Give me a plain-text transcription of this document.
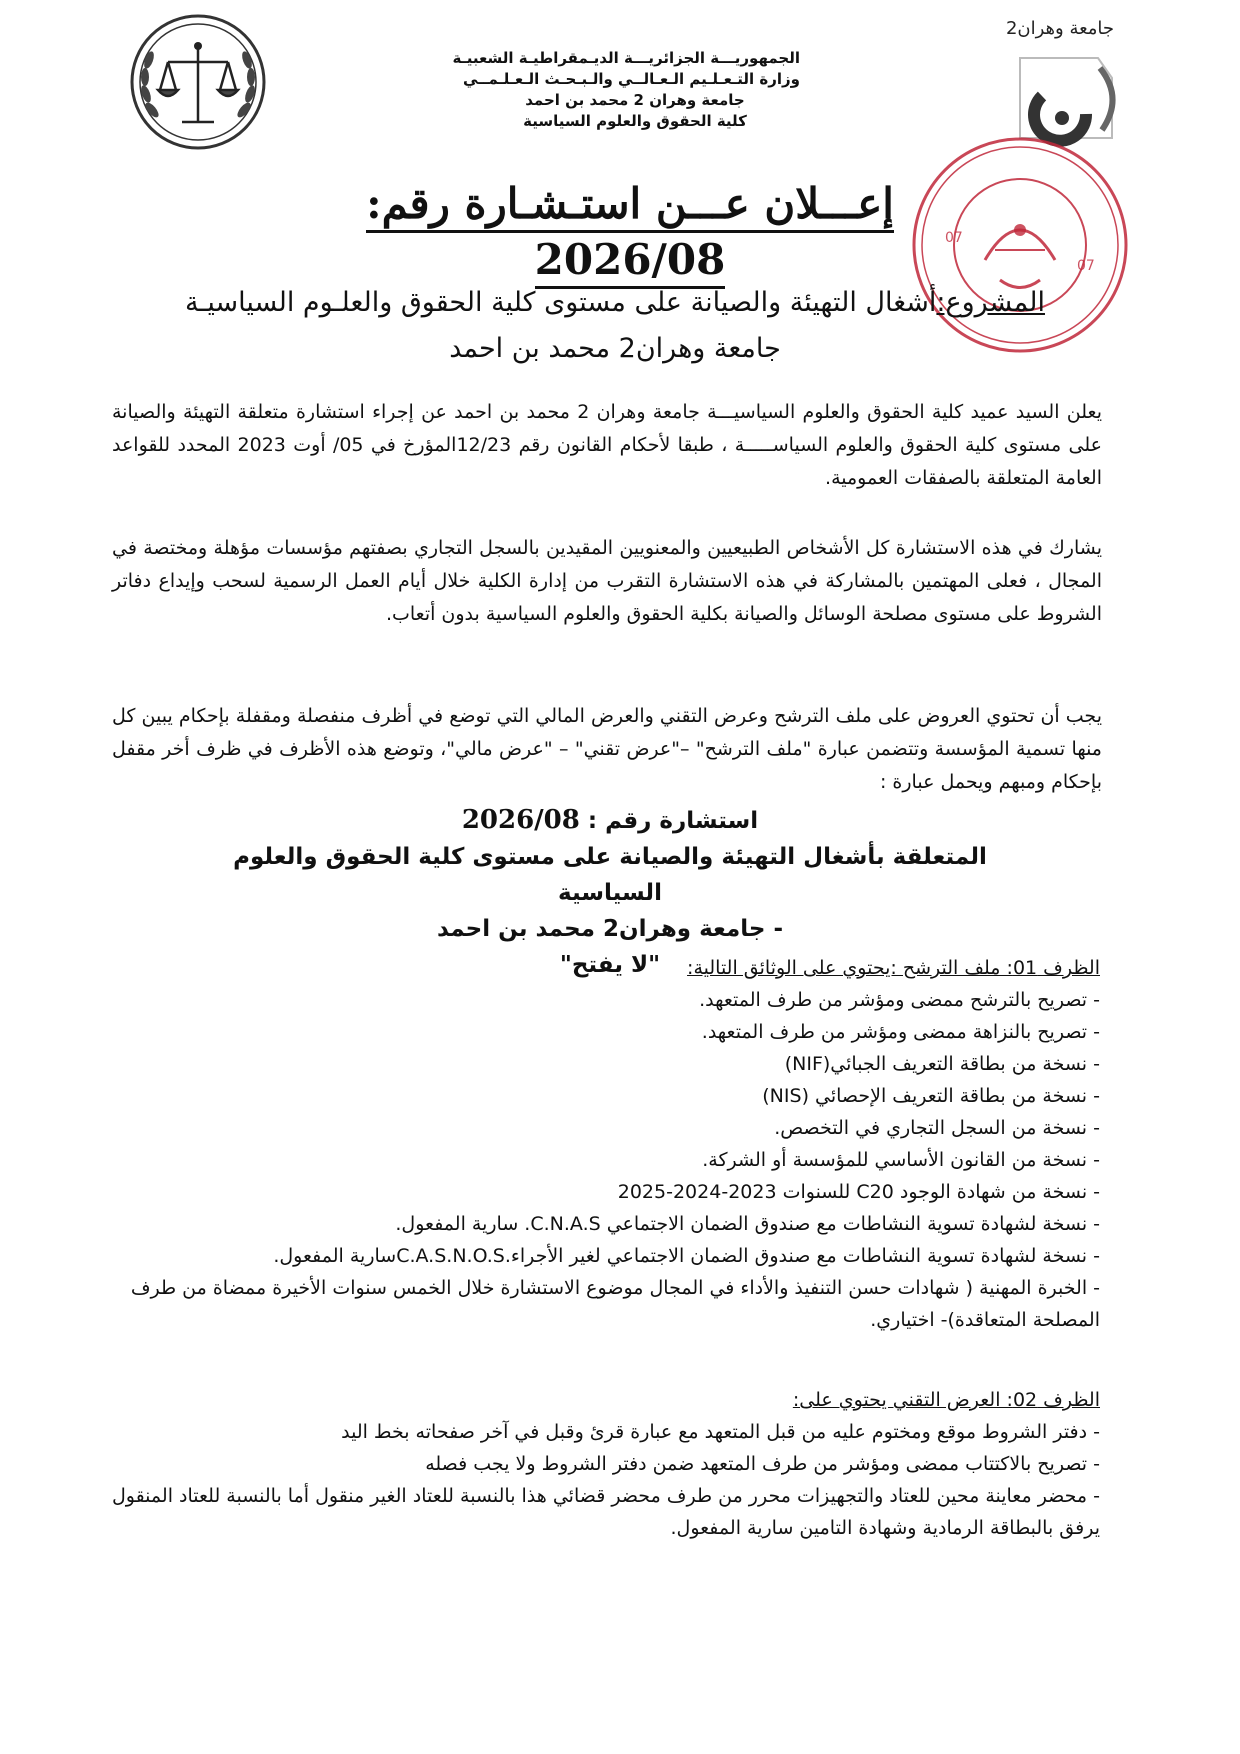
الجمهوريـــة الجزائريـــة الديـمقراطيـة الشعبيـة
وزارة التـعـلـيم الـعـالــي والـبـحـث الـعـلـمــي
جامعة وهران 2 محمد بن احمد
كلية الحقوق والعلوم السياسية
جامعة وهران2
07
07
إعـــلان عـــن استـشـارة رقم: 2026/08
المشروع:أشغال التهيئة والصيانة على مستوى كلية الحقوق والعلـوم السياسيـة
جامعة وهران2 محمد بن احمد
يعلن السيد عميد كلية الحقوق والعلوم السياسيـــة جامعة وهران 2 محمد بن احمد عن إجراء استشارة متعلقة التهيئة والصيانة على مستوى كلية الحقوق والعلوم السياســـــة ، طبقا لأحكام القانون رقم 12/23المؤرخ في 05/ أوت 2023 المحدد للقواعد العامة المتعلقة بالصفقات العمومية.
يشارك في هذه الاستشارة كل الأشخاص الطبيعيين والمعنويين المقيدين بالسجل التجاري بصفتهم مؤسسات مؤهلة ومختصة في المجال ، فعلى المهتمين بالمشاركة في هذه الاستشارة التقرب من إدارة الكلية خلال أيام العمل الرسمية لسحب وإيداع دفاتر الشروط على مستوى مصلحة الوسائل والصيانة بكلية الحقوق والعلوم السياسية بدون أتعاب.
يجب أن تحتوي العروض على ملف الترشح وعرض التقني والعرض المالي التي توضع في أظرف منفصلة ومقفلة بإحكام يبين كل منها تسمية المؤسسة وتتضمن عبارة "ملف الترشح" –"عرض تقني" – "عرض مالي"، وتوضع هذه الأظرف في ظرف أخر مقفل بإحكام ومبهم ويحمل عبارة :
استشارة رقم : 2026/08
المتعلقة بأشغال التهيئة والصيانة على مستوى كلية الحقوق والعلوم السياسية
- جامعة وهران2 محمد بن احمد
"لا يفتح"	الظرف 01: ملف الترشح :يحتوي على الوثائق التالية:
- تصريح بالترشح ممضى ومؤشر من طرف المتعهد.
- تصريح بالنزاهة ممضى ومؤشر من طرف المتعهد.
- نسخة من بطاقة التعريف الجبائي(NIF)
- نسخة من بطاقة التعريف الإحصائي (NIS)
- نسخة من السجل التجاري في التخصص.
- نسخة من القانون الأساسي للمؤسسة أو الشركة.
- نسخة من شهادة الوجود C20 للسنوات 2023-2024-2025
- نسخة لشهادة تسوية النشاطات مع صندوق الضمان الاجتماعي C.N.A.S. سارية المفعول.
- نسخة لشهادة تسوية النشاطات مع صندوق الضمان الاجتماعي لغير الأجراء.C.A.S.N.O.Sسارية المفعول.
- الخبرة المهنية ( شهادات حسن التنفيذ والأداء في المجال موضوع الاستشارة خلال الخمس سنوات الأخيرة ممضاة من طرف المصلحة المتعاقدة)- اختياري.
الظرف 02: العرض التقني يحتوي على:
- دفتر الشروط موقع ومختوم عليه من قبل المتعهد مع عبارة قرئ وقبل في آخر صفحاته بخط اليد
- تصريح بالاكتتاب ممضى ومؤشر من طرف المتعهد ضمن دفتر الشروط ولا يجب فصله
- محضر معاينة محين للعتاد والتجهيزات محرر من طرف محضر قضائي هذا بالنسبة للعتاد الغير منقول أما بالنسبة للعتاد المنقول يرفق بالبطاقة الرمادية وشهادة التامين سارية المفعول.
